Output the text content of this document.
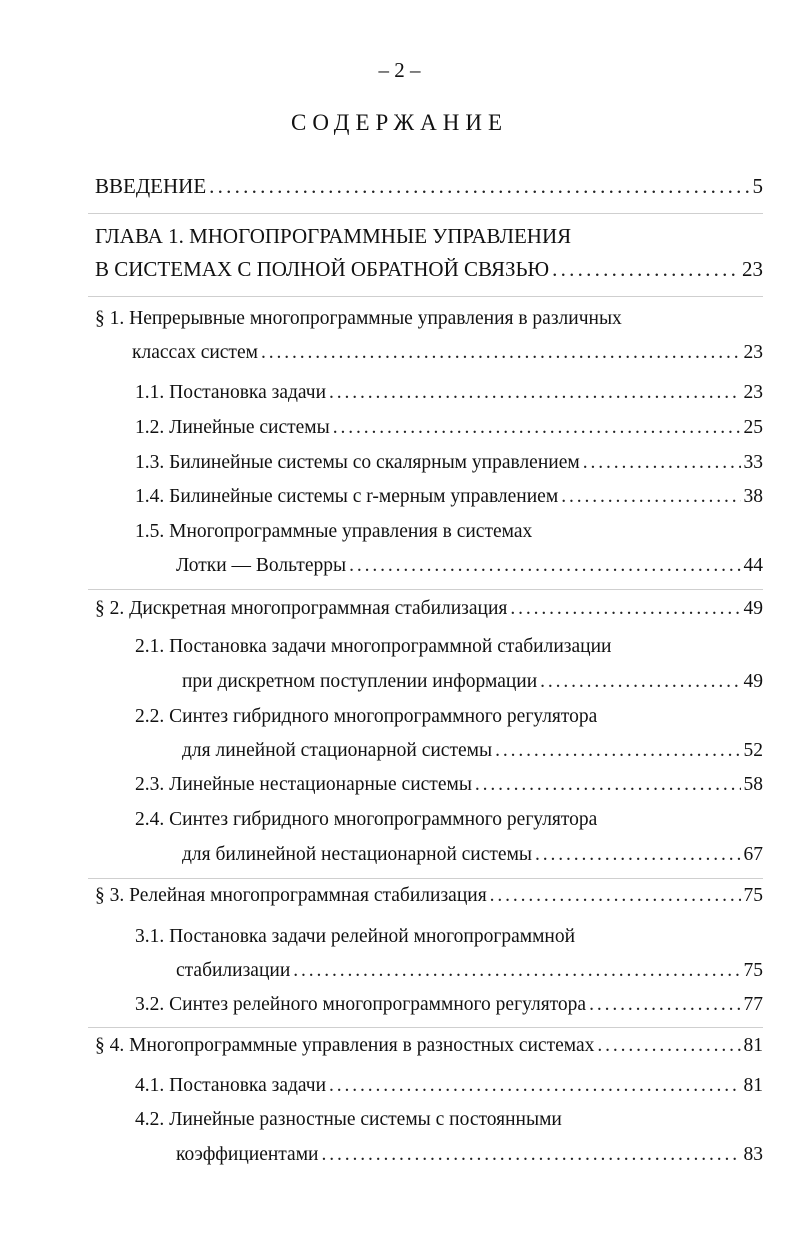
– 2 –
СОДЕРЖАНИЕ
ВВЕДЕНИЕ . . .	5
ГЛАВА 1. МНОГОПРОГРАММНЫЕ УПРАВЛЕНИЯ
В СИСТЕМАХ С ПОЛНОЙ ОБРАТНОЙ СВЯЗЬЮ . . .	23
§ 1. Непрерывные многопрограммные управления в различных
классах систем . . .	23
1.1. Постановка задачи . . .	23
1.2. Линейные системы . . .	25
1.3. Билинейные системы со скалярным управлением . . .	33
1.4. Билинейные системы с r-мерным управлением . . .	38
1.5. Многопрограммные управления в системах
Лотки — Вольтерры . . .	44
§ 2. Дискретная многопрограммная стабилизация . . .	49
2.1. Постановка задачи многопрограммной стабилизации
при дискретном поступлении информации . . .	49
2.2. Синтез гибридного многопрограммного регулятора
для линейной стационарной системы . . .	52
2.3. Линейные нестационарные системы . . .	58
2.4. Синтез гибридного многопрограммного регулятора
для билинейной нестационарной системы . . .	67
§ 3. Релейная многопрограммная стабилизация . . .	75
3.1. Постановка задачи релейной многопрограммной
стабилизации . . .	75
3.2. Синтез релейного многопрограммного регулятора . . .	77
§ 4. Многопрограммные управления в разностных системах . . .	81
4.1. Постановка задачи . . .	81
4.2. Линейные разностные системы с постоянными
коэффициентами . . .	83
